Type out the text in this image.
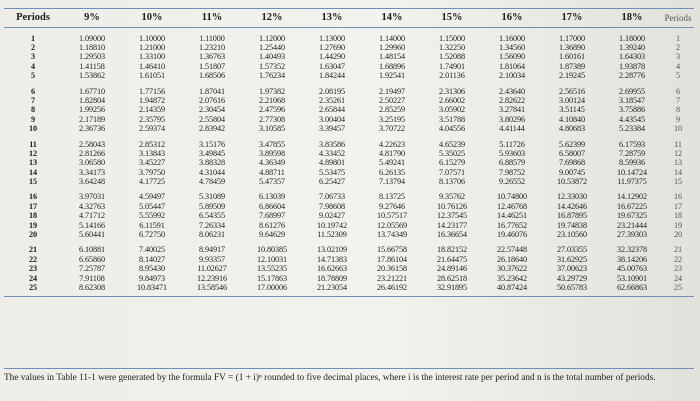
Periods	9%	10%	11%	12%	13%	14%	15%	16%	17%	18%	Periods

1	1.09000	1.10000	1.11000	1.12000	1.13000	1.14000	1.15000	1.16000	1.17000	1.18000	1
2	1.18810	1.21000	1.23210	1.25440	1.27690	1.29960	1.32250	1.34560	1.36890	1.39240	2
3	1.29503	1.33100	1.36763	1.40493	1.44290	1.48154	1.52088	1.56090	1.60161	1.64303	3
4	1.41158	1.46410	1.51807	1.57352	1.63047	1.68896	1.74901	1.81064	1.87389	1.93878	4
5	1.53862	1.61051	1.68506	1.76234	1.84244	1.92541	2.01136	2.10034	2.19245	2.28776	5

6	1.67710	1.77156	1.87041	1.97382	2.08195	2.19497	2.31306	2.43640	2.56516	2.69955	6
7	1.82804	1.94872	2.07616	2.21068	2.35261	2.50227	2.66002	2.82622	3.00124	3.18547	7
8	1.99256	2.14359	2.30454	2.47596	2.65844	2.85259	3.05902	3.27841	3.51145	3.75886	8
9	2.17189	2.35795	2.55804	2.77308	3.00404	3.25195	3.51788	3.80296	4.10840	4.43545	9
10	2.36736	2.59374	2.83942	3.10585	3.39457	3.70722	4.04556	4.41144	4.80683	5.23384	10

11	2.58043	2.85312	3.15176	3.47855	3.83586	4.22623	4.65239	5.11726	5.62399	6.17593	11
12	2.81266	3.13843	3.49845	3.89598	4.33452	4.81790	5.35025	5.93603	6.58007	7.28759	12
13	3.06580	3.45227	3.88328	4.36349	4.89801	5.49241	6.15279	6.88579	7.69868	8.59936	13
14	3.34173	3.79750	4.31044	4.88711	5.53475	6.26135	7.07571	7.98752	9.00745	10.14724	14
15	3.64248	4.17725	4.78459	5.47357	6.25427	7.13794	8.13706	9.26552	10.53872	11.97375	15

16	3.97031	4.59497	5.31089	6.13039	7.06733	8.13725	9.35762	10.74800	12.33030	14.12902	16
17	4.32763	5.05447	5.89509	6.86604	7.98608	9.27646	10.76126	12.46768	14.42646	16.67225	17
18	4.71712	5.55992	6.54355	7.68997	9.02427	10.57517	12.37545	14.46251	16.87895	19.67325	18
19	5.14166	6.11591	7.26334	8.61276	10.19742	12.05569	14.23177	16.77652	19.74838	23.21444	19
20	5.60441	6.72750	8.06231	9.64629	11.52309	13.74349	16.36654	19.46076	23.10560	27.39303	20

21	6.10881	7.40025	8.94917	10.80385	13.02109	15.66758	18.82152	22.57448	27.03355	32.32378	21
22	6.65860	8.14027	9.93357	12.10031	14.71383	17.86104	21.64475	26.18640	31.62925	38.14206	22
23	7.25787	8.95430	11.02627	13.55235	16.62663	20.36158	24.89146	30.37622	37.00623	45.00763	23
24	7.91108	9.84973	12.23916	15.17863	18.78809	23.21221	28.62518	35.23642	43.29729	53.10901	24
25	8.62308	10.83471	13.58546	17.00006	21.23054	26.46192	32.91895	40.87424	50.65783	62.66863	25

The values in Table 11-1 were generated by the formula FV = (1 + i)ⁿ rounded to five decimal places, where i is the interest rate per period and n is the total number of periods.
